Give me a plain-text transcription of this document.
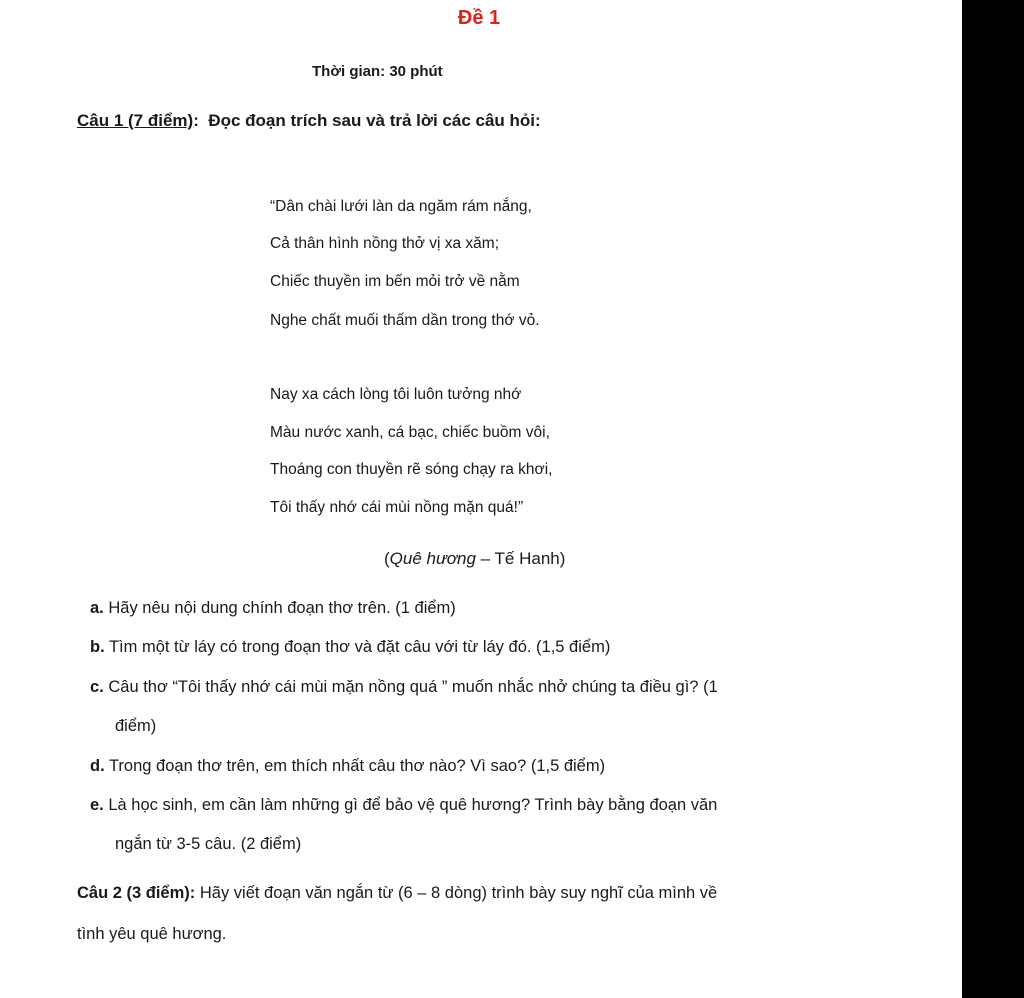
Đề 1
Thời gian: 30 phút
Câu 1 (7 điểm): Đọc đoạn trích sau và trả lời các câu hỏi:
“Dân chài lưới làn da ngăm rám nắng,
Cả thân hình nồng thở vị xa xăm;
Chiếc thuyền im bến mỏi trở về nằm
Nghe chất muối thấm dần trong thớ vỏ.
Nay xa cách lòng tôi luôn tưởng nhớ
Màu nước xanh, cá bạc, chiếc buồm vôi,
Thoáng con thuyền rẽ sóng chạy ra khơi,
Tôi thấy nhớ cái mùi nồng mặn quá!”
(Quê hương – Tế Hanh)
a. Hãy nêu nội dung chính đoạn thơ trên. (1 điểm)
b. Tìm một từ láy có trong đoạn thơ và đặt câu với từ láy đó. (1,5 điểm)
c. Câu thơ “Tôi thấy nhớ cái mùi mặn nồng quá ” muốn nhắc nhở chúng ta điều gì? (1
điểm)
d. Trong đoạn thơ trên, em thích nhất câu thơ nào? Vì sao? (1,5 điểm)
e. Là học sinh, em cần làm những gì để bảo vệ quê hương? Trình bày bằng đoạn văn
ngắn từ 3-5 câu. (2 điểm)
Câu 2 (3 điểm): Hãy viết đoạn văn ngắn từ (6 – 8 dòng) trình bày suy nghĩ của mình về
tình yêu quê hương.
